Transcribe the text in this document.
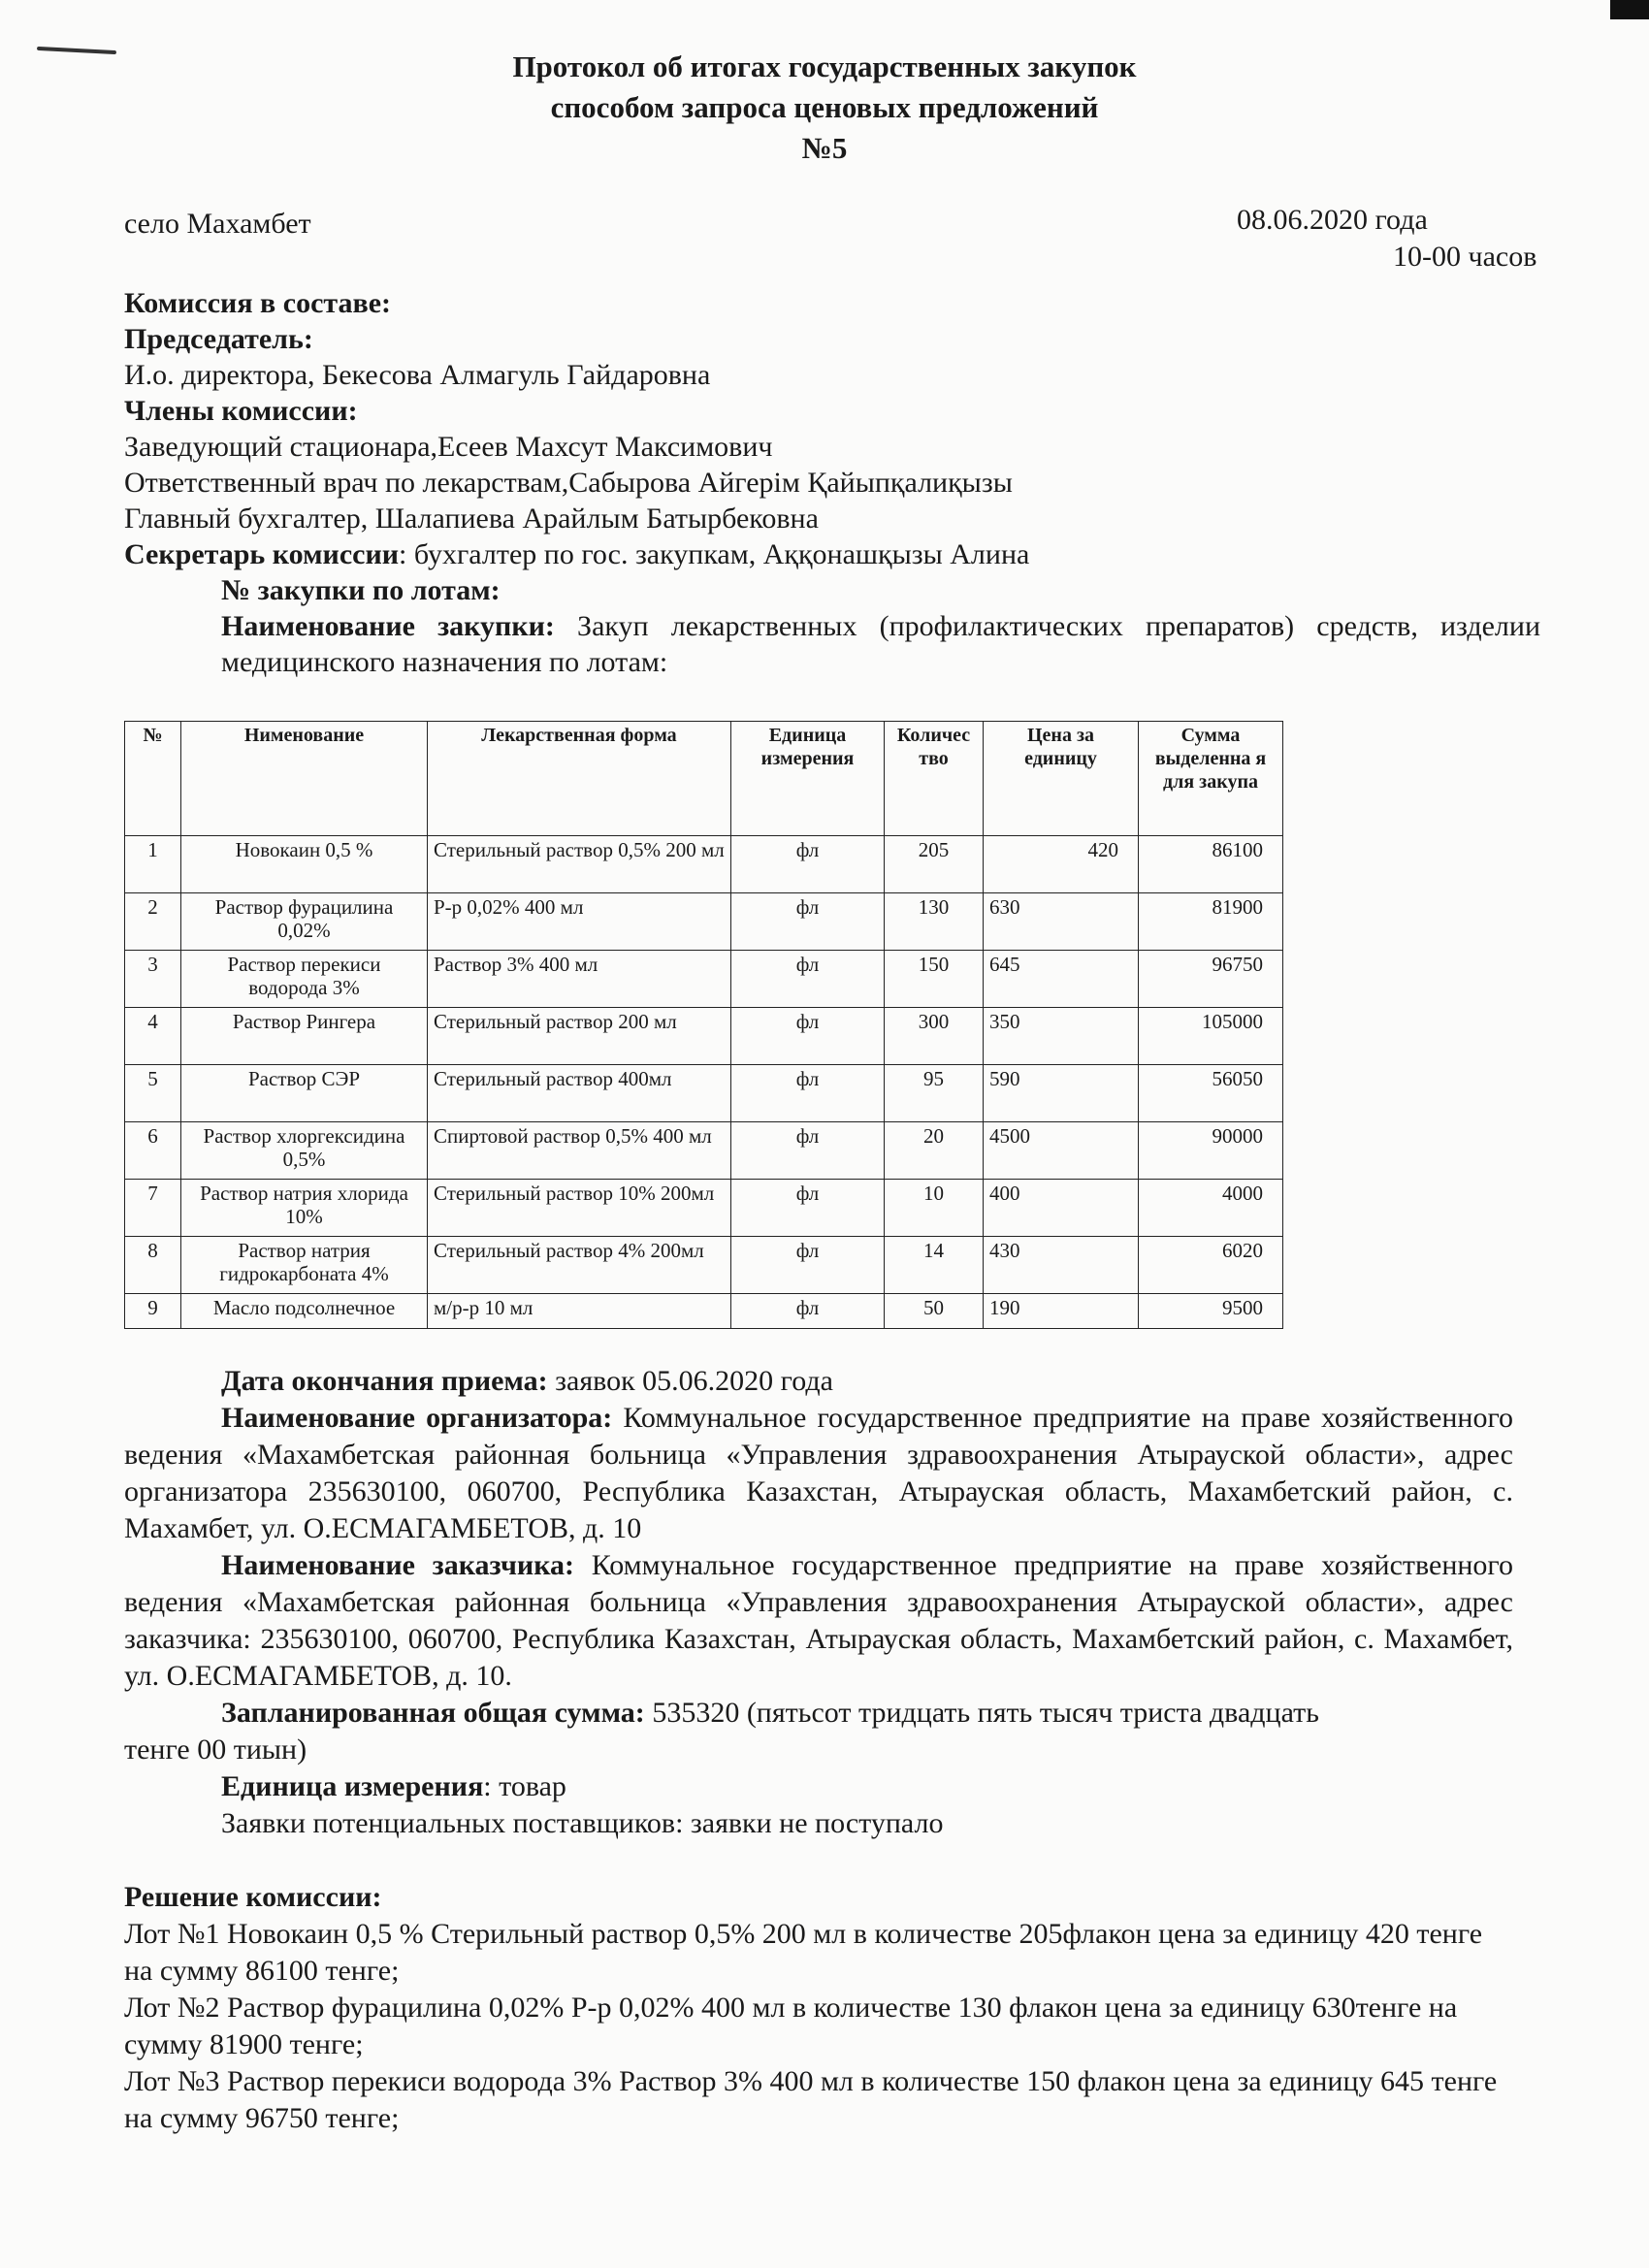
Протокол об итогах государственных закупок
способом запроса ценовых предложений
№5
село Махамбет	08.06.2020 года
10-00 часов
Комиссия в составе:
Председатель:
И.о. директора, Бекесова Алмагуль Гайдаровна
Члены комиссии:
Заведующий стационара,Есеев Махсут Максимович
Ответственный врач по лекарствам,Сабырова Айгерім Қайыпқалиқызы
Главный бухгалтер, Шалапиева Арайлым Батырбековна
Секретарь комиссии: бухгалтер по гос. закупкам, Аққонашқызы Алина
№ закупки по лотам:
Наименование закупки: Закуп лекарственных (профилактических препаратов) средств, изделии медицинского назначения по лотам:
№	Нименование	Лекарственная форма	Единица измерения	Количес тво	Цена за единицу	Сумма выделенна я для закупа
1	Новокаин 0,5 %	Стерильный раствор 0,5% 200 мл	фл	205	420	86100
2	Раствор фурацилина 0,02%	Р-р 0,02% 400 мл	фл	130	630	81900
3	Раствор перекиси водорода 3%	Раствор 3% 400 мл	фл	150	645	96750
4	Раствор Рингера	Стерильный раствор 200 мл	фл	300	350	105000
5	Раствор СЭР	Стерильный раствор 400мл	фл	95	590	56050
6	Раствор хлоргексидина 0,5%	Спиртовой раствор 0,5% 400 мл	фл	20	4500	90000
7	Раствор натрия хлорида 10%	Стерильный раствор 10% 200мл	фл	10	400	4000
8	Раствор натрия гидрокарбоната 4%	Стерильный раствор 4% 200мл	фл	14	430	6020
9	Масло подсолнечное	м/р-р 10 мл	фл	50	190	9500

Дата окончания приема: заявок 05.06.2020 года

Наименование организатора: Коммунальное государственное предприятие на праве хозяйственного ведения «Махамбетская районная больница «Управления здравоохранения Атырауской области», адрес организатора 235630100, 060700, Республика Казахстан, Атырауская область, Махамбетский район, с. Махамбет, ул. О.ЕСМАГАМБЕТОВ, д. 10

Наименование заказчика: Коммунальное государственное предприятие на праве хозяйственного ведения «Махамбетская районная больница «Управления здравоохранения Атырауской области», адрес заказчика: 235630100, 060700, Республика Казахстан, Атырауская область, Махамбетский район, с. Махамбет, ул. О.ЕСМАГАМБЕТОВ, д. 10.

Запланированная общая сумма: 535320 (пятьсот тридцать пять тысяч триста двадцать

тенге 00 тиын)

Единица измерения: товар

Заявки потенциальных поставщиков: заявки не поступало

Решение комиссии:

Лот №1 Новокаин 0,5 % Стерильный раствор 0,5% 200 мл в количестве 205флакон цена за единицу 420 тенге на сумму 86100 тенге;

Лот №2 Раствор фурацилина 0,02% Р-р 0,02% 400 мл в количестве 130 флакон цена за единицу 630тенге на сумму 81900 тенге;

Лот №3 Раствор перекиси водорода 3% Раствор 3% 400 мл в количестве 150 флакон цена за единицу 645 тенге на сумму 96750 тенге;
